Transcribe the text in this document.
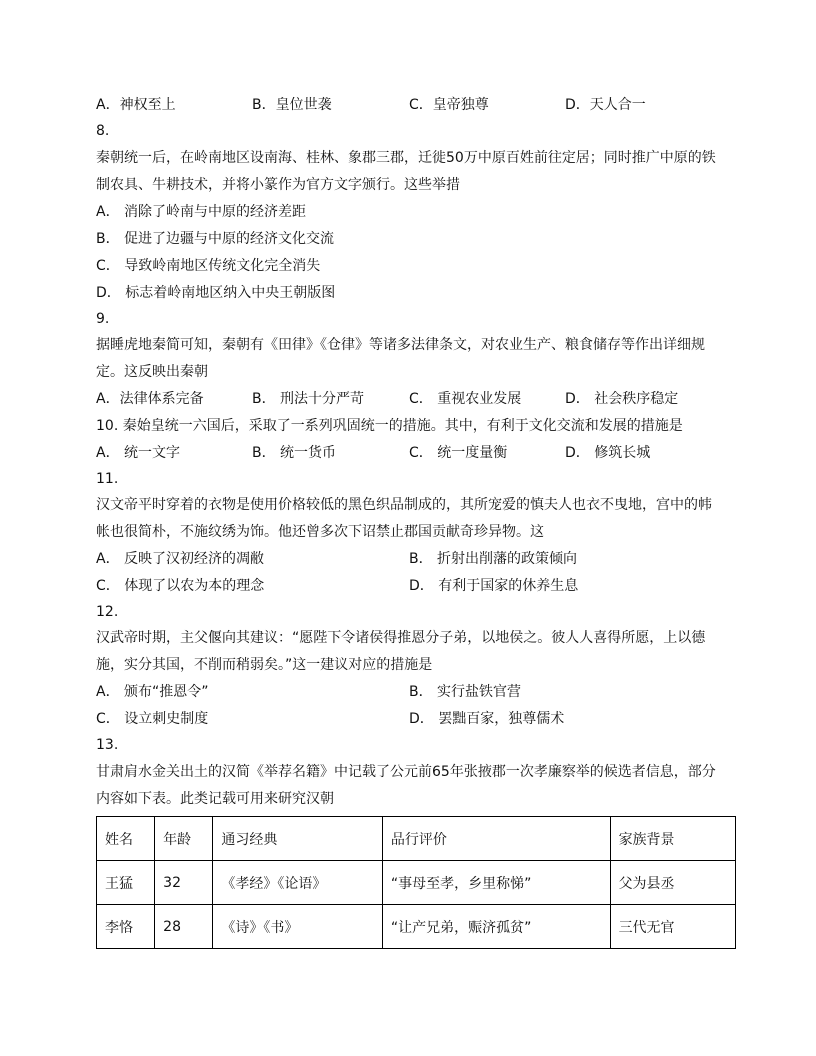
A．神权至上	B．皇位世袭	C．皇帝独尊	D．天人合一
8.
秦朝统一后，在岭南地区设南海、桂林、象郡三郡，迁徙50万中原百姓前往定居；同时推广中原的铁
制农具、牛耕技术，并将小篆作为官方文字颁行。这些举措
A． 消除了岭南与中原的经济差距
B． 促进了边疆与中原的经济文化交流
C． 导致岭南地区传统文化完全消失
D． 标志着岭南地区纳入中央王朝版图
9.
据睡虎地秦简可知，秦朝有《田律》《仓律》等诸多法律条文，对农业生产、粮食储存等作出详细规
定。这反映出秦朝
A．法律体系完备	B． 刑法十分严苛	C． 重视农业发展	D． 社会秩序稳定
10. 秦始皇统一六国后，采取了一系列巩固统一的措施。其中，有利于文化交流和发展的措施是
A． 统一文字	B． 统一货币	C． 统一度量衡	D． 修筑长城
11.
汉文帝平时穿着的衣物是使用价格较低的黑色织品制成的，其所宠爱的慎夫人也衣不曳地，宫中的帏
帐也很简朴，不施纹绣为饰。他还曾多次下诏禁止郡国贡献奇珍异物。这
A． 反映了汉初经济的凋敝	B． 折射出削藩的政策倾向
C． 体现了以农为本的理念	D． 有利于国家的休养生息
12.
汉武帝时期，主父偃向其建议：“愿陛下令诸侯得推恩分子弟，以地侯之。彼人人喜得所愿，上以德
施，实分其国，不削而稍弱矣。”这一建议对应的措施是
A． 颁布“推恩令”	B． 实行盐铁官营
C． 设立刺史制度	D． 罢黜百家，独尊儒术
13.
甘肃肩水金关出土的汉简《举荐名籍》中记载了公元前65年张掖郡一次孝廉察举的候选者信息，部分
内容如下表。此类记载可用来研究汉朝
姓名	年龄	通习经典	品行评价	家族背景
王猛	32	《孝经》《论语》	“事母至孝，乡里称悌”	父为县丞
李恪	28	《诗》《书》	“让产兄弟，赈济孤贫”	三代无官
